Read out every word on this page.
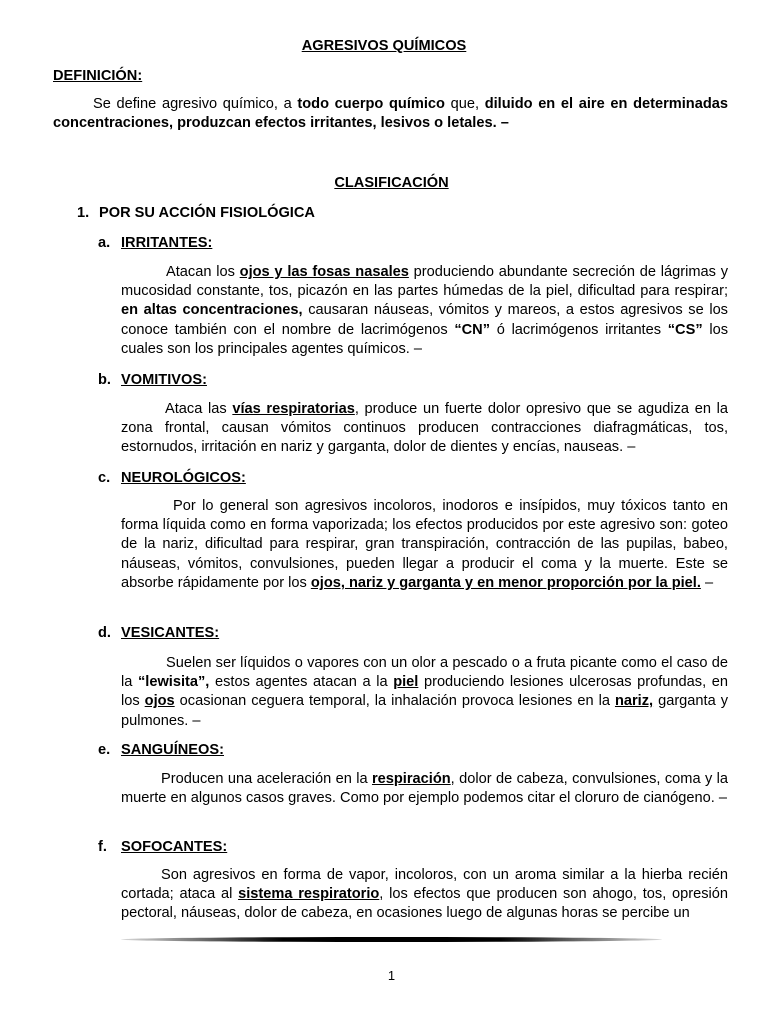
AGRESIVOS QUÍMICOS
DEFINICIÓN:
Se define agresivo químico, a todo cuerpo químico que, diluido en el aire en determinadas concentraciones, produzcan efectos irritantes, lesivos o letales. –
CLASIFICACIÓN
1. POR SU ACCIÓN FISIOLÓGICA
a. IRRITANTES:
Atacan los ojos y las fosas nasales produciendo abundante secreción de lágrimas y mucosidad constante, tos, picazón en las partes húmedas de la piel, dificultad para respirar; en altas concentraciones, causaran náuseas, vómitos y mareos, a estos agresivos se los conoce también con el nombre de lacrimógenos “CN” ó lacrimógenos irritantes “CS” los cuales son los principales agentes químicos. –
b. VOMITIVOS:
Ataca las vías respiratorias, produce un fuerte dolor opresivo que se agudiza en la zona frontal, causan vómitos continuos producen contracciones diafragmáticas, tos, estornudos, irritación en nariz y garganta, dolor de dientes y encías, nauseas. –
c. NEUROLÓGICOS:
Por lo general son agresivos incoloros, inodoros e insípidos, muy tóxicos tanto en forma líquida como en forma vaporizada; los efectos producidos por este agresivo son: goteo de la nariz, dificultad para respirar, gran transpiración, contracción de las pupilas, babeo, náuseas, vómitos, convulsiones, pueden llegar a producir el coma y la muerte. Este se absorbe rápidamente por los ojos, nariz y garganta y en menor proporción por la piel. –
d. VESICANTES:
Suelen ser líquidos o vapores con un olor a pescado o a fruta picante como el caso de la “lewisita”, estos agentes atacan a la piel produciendo lesiones ulcerosas profundas, en los ojos ocasionan ceguera temporal, la inhalación provoca lesiones en la nariz, garganta y pulmones. –
e. SANGUÍNEOS:
Producen una aceleración en la respiración, dolor de cabeza, convulsiones, coma y la muerte en algunos casos graves. Como por ejemplo podemos citar el cloruro de cianógeno. –
f. SOFOCANTES:
Son agresivos en forma de vapor, incoloros, con un aroma similar a la hierba recién cortada; ataca al sistema respiratorio, los efectos que producen son ahogo, tos, opresión pectoral, náuseas, dolor de cabeza, en ocasiones luego de algunas horas se percibe un
1
